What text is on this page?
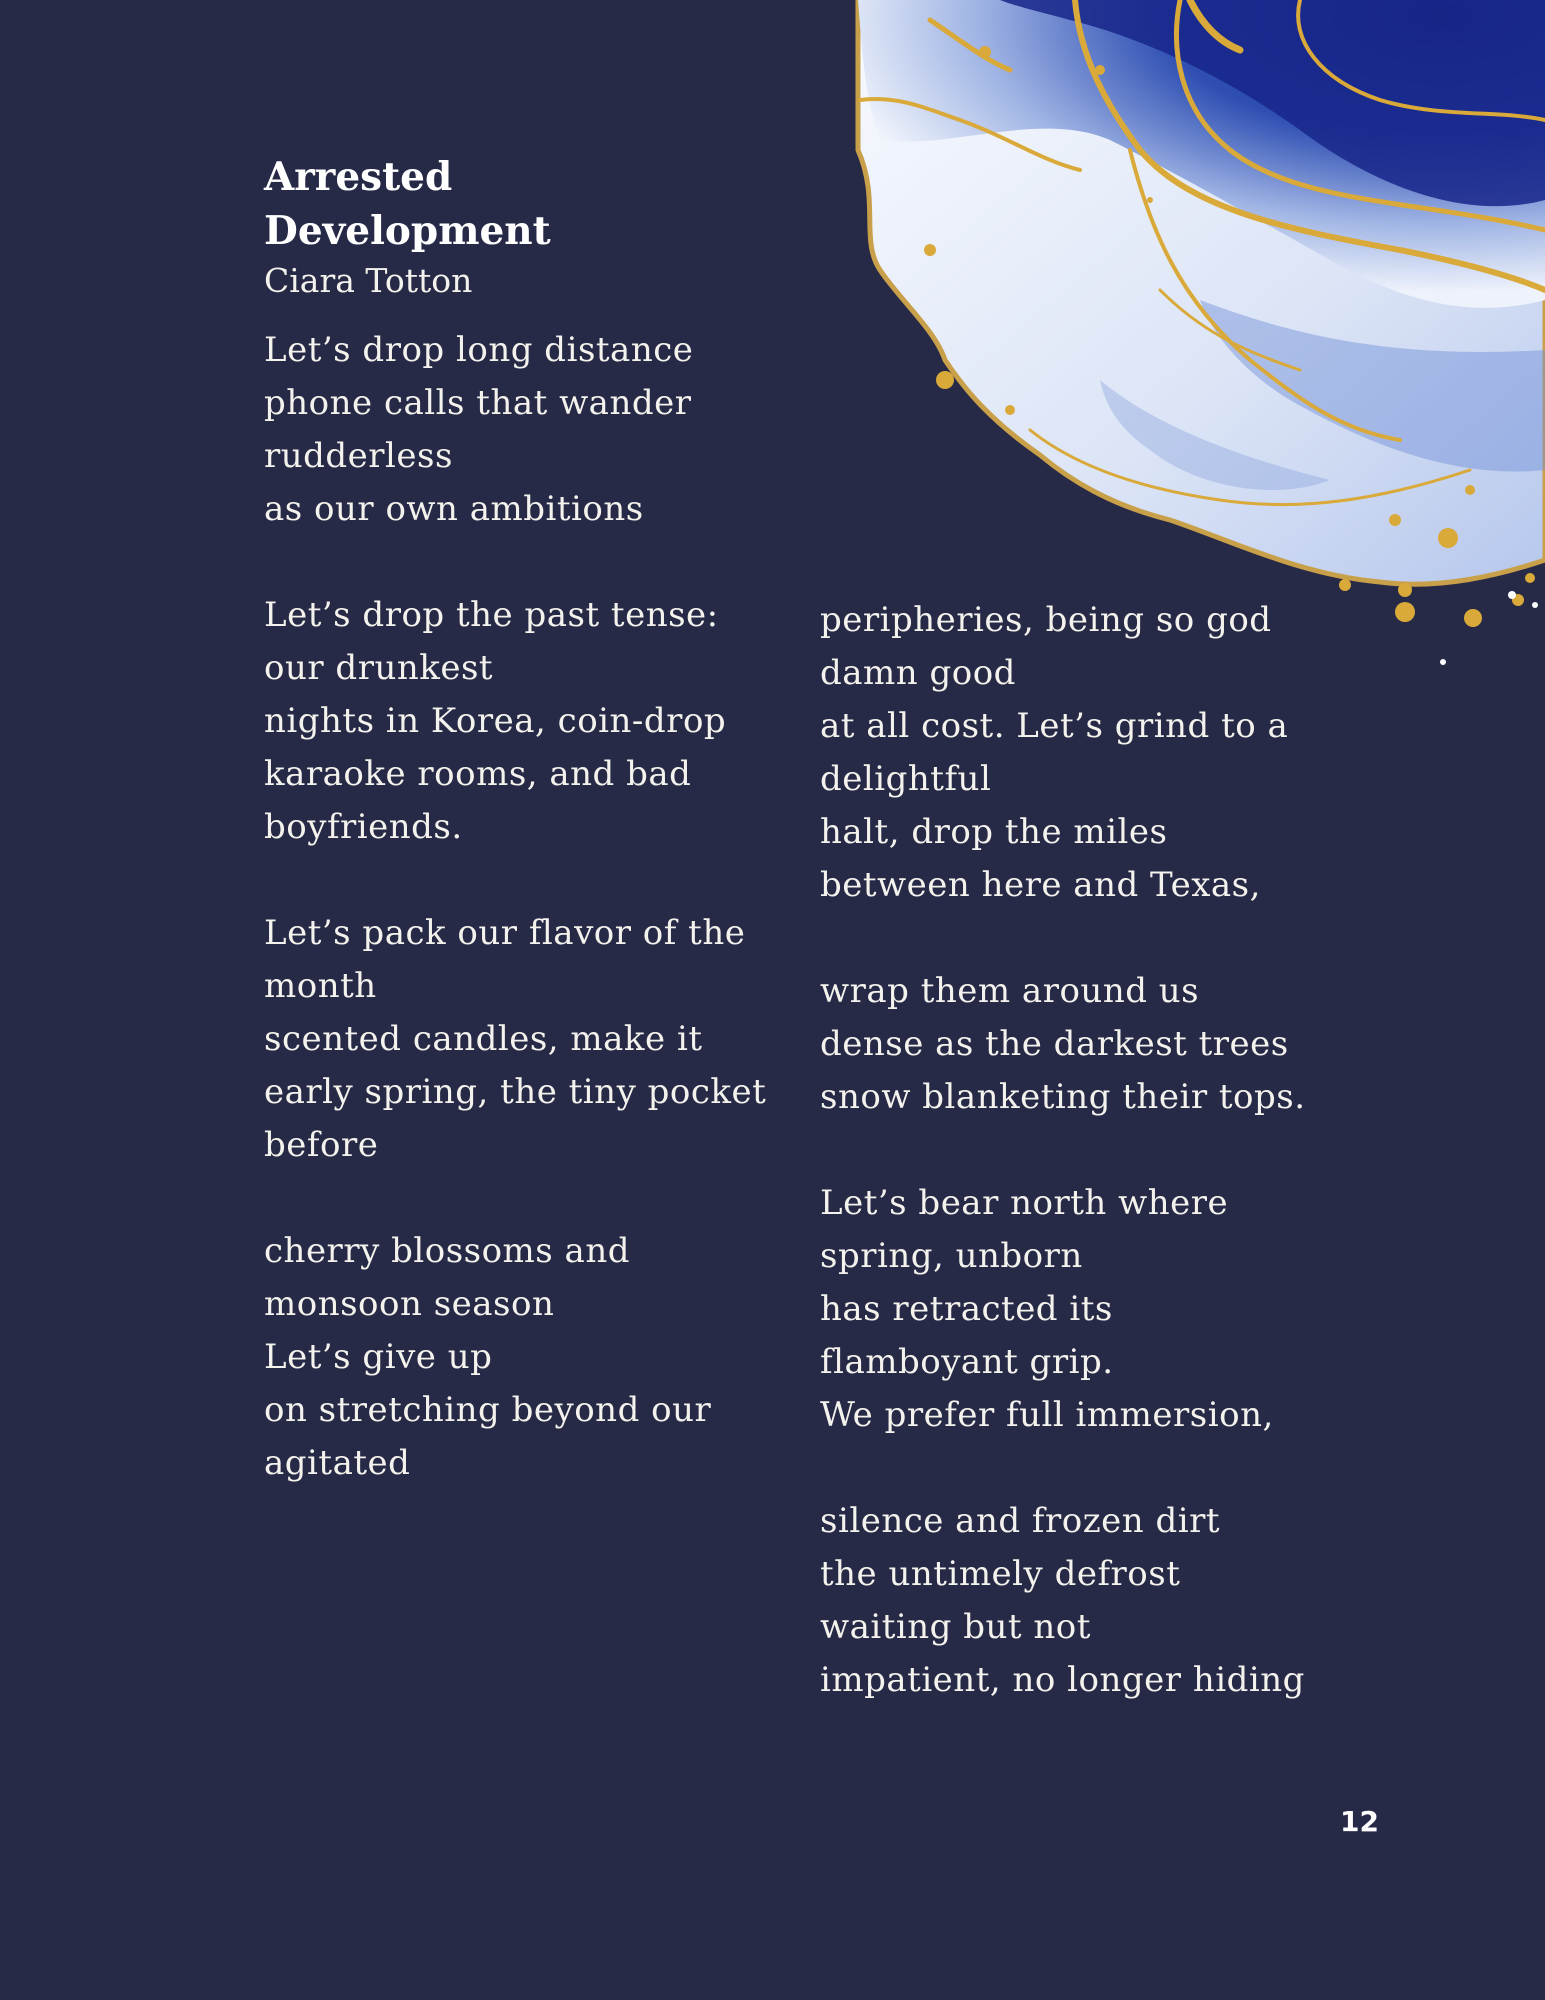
Arrested
Development
Ciara Totton

Let’s drop long distance
phone calls that wander
rudderless
as our own ambitions

Let’s drop the past tense:
our drunkest
nights in Korea, coin-drop
karaoke rooms, and bad
boyfriends.

Let’s pack our flavor of the
month
scented candles, make it
early spring, the tiny pocket
before

cherry blossoms and
monsoon season
Let’s give up
on stretching beyond our
agitated

peripheries, being so god
damn good
at all cost. Let’s grind to a
delightful
halt, drop the miles
between here and Texas,

wrap them around us
dense as the darkest trees
snow blanketing their tops.

Let’s bear north where
spring, unborn
has retracted its
flamboyant grip.
We prefer full immersion,

silence and frozen dirt
the untimely defrost
waiting but not
impatient, no longer hiding

12
